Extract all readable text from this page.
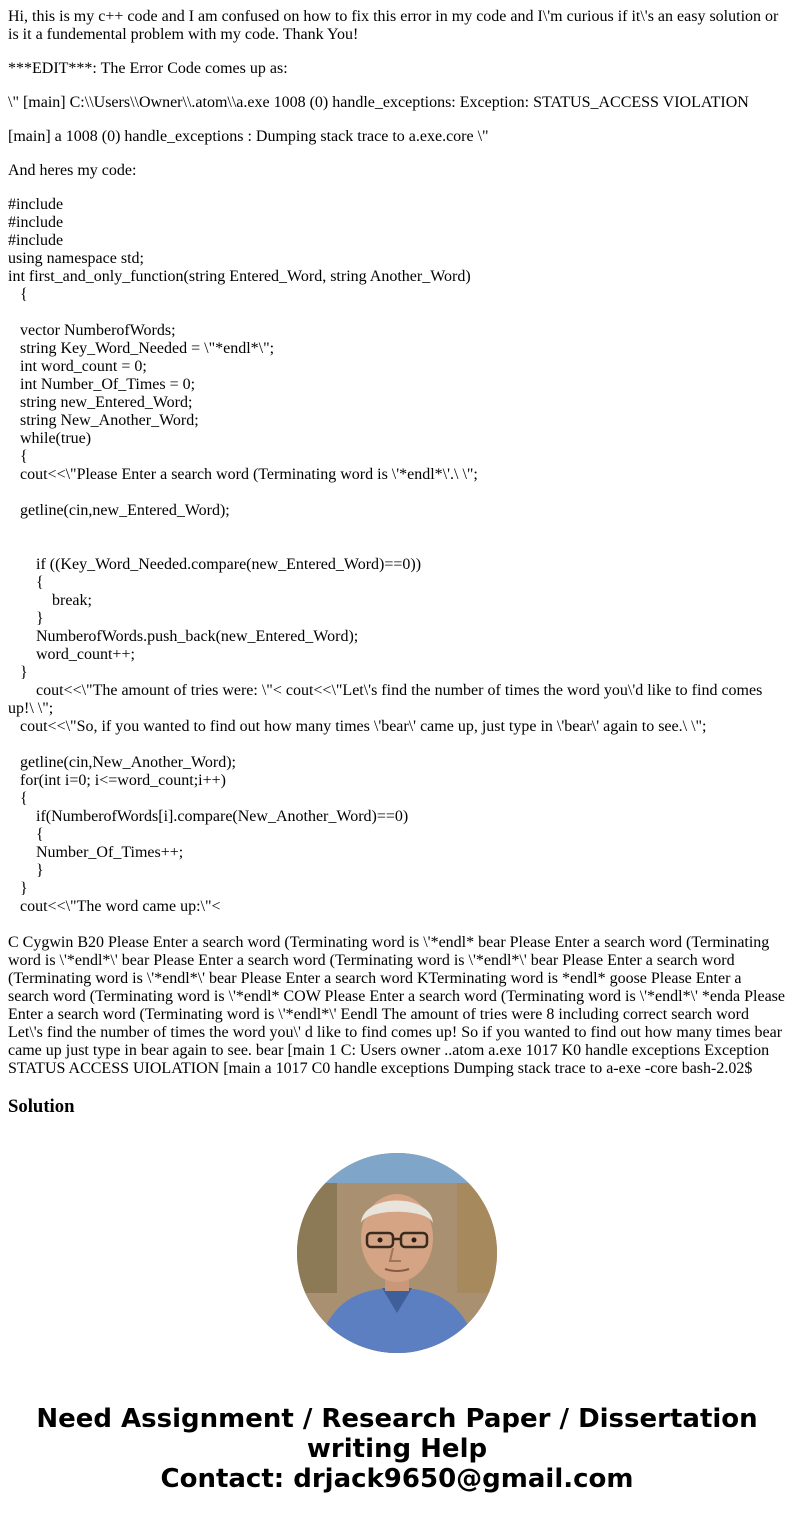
Hi, this is my c++ code and I am confused on how to fix this error in my code and I\'m curious if it\'s an easy solution or is it a fundemental problem with my code. Thank You!

***EDIT***: The Error Code comes up as:

\" [main] C:\\Users\\Owner\\.atom\\a.exe 1008 (0) handle_exceptions: Exception: STATUS_ACCESS VIOLATION

[main] a 1008 (0) handle_exceptions : Dumping stack trace to a.exe.core \"

And heres my code:

#include
#include
#include
using namespace std;
int first_and_only_function(string Entered_Word, string Another_Word)
{
vector NumberofWords;
string Key_Word_Needed = \"*endl*\";
int word_count = 0;
int Number_Of_Times = 0;
string new_Entered_Word;
string New_Another_Word;
while(true)
{
cout<<\"Please Enter a search word (Terminating word is \'*endl*\'.\ \";
getline(cin,new_Entered_Word);
if ((Key_Word_Needed.compare(new_Entered_Word)==0))
{
break;
}
NumberofWords.push_back(new_Entered_Word);
word_count++;
}
cout<<\"The amount of tries were: \"< cout<<\"Let\'s find the number of times the word you\'d like to find comes up!\ \";
cout<<\"So, if you wanted to find out how many times \'bear\' came up, just type in \'bear\' again to see.\ \";
getline(cin,New_Another_Word);
for(int i=0; i<=word_count;i++)
{
if(NumberofWords[i].compare(New_Another_Word)==0)
{
Number_Of_Times++;
}
}
cout<<\"The word came up:\"<

C Cygwin B20 Please Enter a search word (Terminating word is \'*endl* bear Please Enter a search word (Terminating word is \'*endl*\' bear Please Enter a search word (Terminating word is \'*endl*\' bear Please Enter a search word (Terminating word is \'*endl*\' bear Please Enter a search word KTerminating word is *endl* goose Please Enter a search word (Terminating word is \'*endl* COW Please Enter a search word (Terminating word is \'*endl*\' *enda Please Enter a search word (Terminating word is \'*endl*\' Eendl The amount of tries were 8 including correct search word Let\'s find the number of times the word you\' d like to find comes up! So if you wanted to find out how many times bear came up just type in bear again to see. bear [main 1 C: Users owner ..atom a.exe 1017 K0 handle exceptions Exception STATUS ACCESS UIOLATION [main a 1017 C0 handle exceptions Dumping stack trace to a-exe -core bash-2.02$

Solution
Need Assignment / Research Paper / Dissertation
writing Help
Contact: drjack9650@gmail.com
